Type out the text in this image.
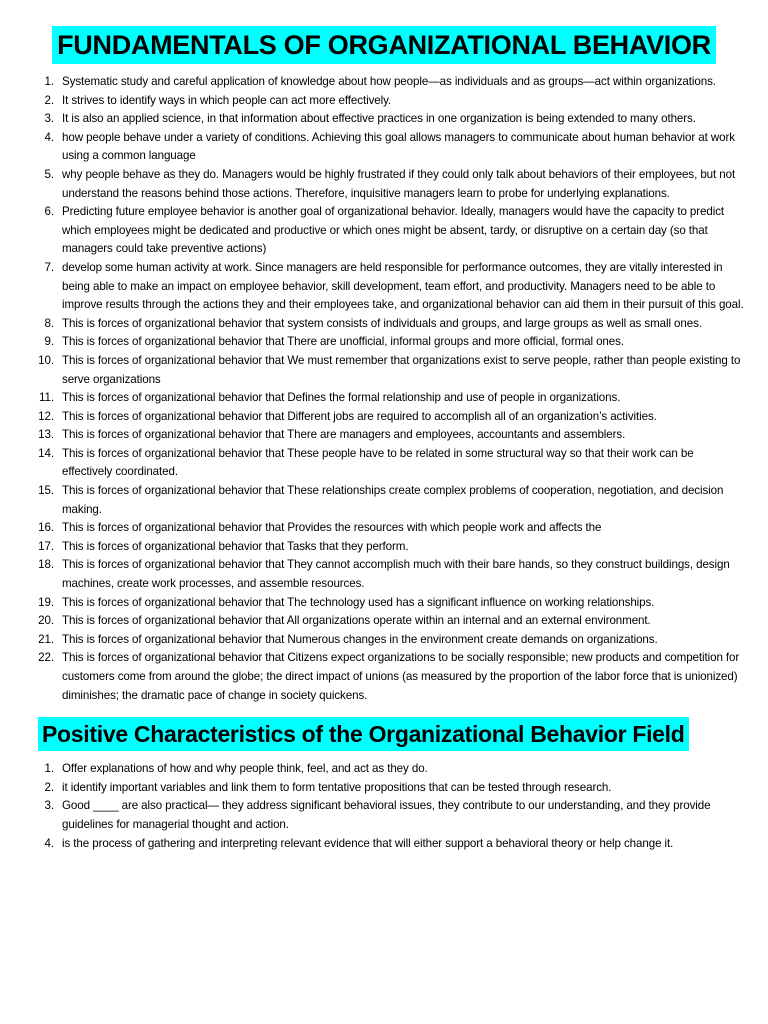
FUNDAMENTALS OF ORGANIZATIONAL BEHAVIOR
1. Systematic study and careful application of knowledge about how people—as individuals and as groups—act within organizations.
2. It strives to identify ways in which people can act more effectively.
3. It is also an applied science, in that information about effective practices in one organization is being extended to many others.
4. how people behave under a variety of conditions. Achieving this goal allows managers to communicate about human behavior at work using a common language
5. why people behave as they do. Managers would be highly frustrated if they could only talk about behaviors of their employees, but not understand the reasons behind those actions. Therefore, inquisitive managers learn to probe for underlying explanations.
6. Predicting future employee behavior is another goal of organizational behavior. Ideally, managers would have the capacity to predict which employees might be dedicated and productive or which ones might be absent, tardy, or disruptive on a certain day (so that managers could take preventive actions)
7. develop some human activity at work. Since managers are held responsible for performance outcomes, they are vitally interested in being able to make an impact on employee behavior, skill development, team effort, and productivity. Managers need to be able to improve results through the actions they and their employees take, and organizational behavior can aid them in their pursuit of this goal.
8. This is forces of organizational behavior that system consists of individuals and groups, and large groups as well as small ones.
9. This is forces of organizational behavior that There are unofficial, informal groups and more official, formal ones.
10. This is forces of organizational behavior that We must remember that organizations exist to serve people, rather than people existing to serve organizations
11. This is forces of organizational behavior that Defines the formal relationship and use of people in organizations.
12. This is forces of organizational behavior that Different jobs are required to accomplish all of an organization’s activities.
13. This is forces of organizational behavior that There are managers and employees, accountants and assemblers.
14. This is forces of organizational behavior that These people have to be related in some structural way so that their work can be effectively coordinated.
15. This is forces of organizational behavior that These relationships create complex problems of cooperation, negotiation, and decision making.
16. This is forces of organizational behavior that Provides the resources with which people work and affects the
17. This is forces of organizational behavior that Tasks that they perform.
18. This is forces of organizational behavior that They cannot accomplish much with their bare hands, so they construct buildings, design machines, create work processes, and assemble resources.
19. This is forces of organizational behavior that The technology used has a significant influence on working relationships.
20. This is forces of organizational behavior that All organizations operate within an internal and an external environment.
21. This is forces of organizational behavior that Numerous changes in the environment create demands on organizations.
22. This is forces of organizational behavior that Citizens expect organizations to be socially responsible; new products and competition for customers come from around the globe; the direct impact of unions (as measured by the proportion of the labor force that is unionized) diminishes; the dramatic pace of change in society quickens.
Positive Characteristics of the Organizational Behavior Field
1. Offer explanations of how and why people think, feel, and act as they do.
2. it identify important variables and link them to form tentative propositions that can be tested through research.
3. Good ____ are also practical— they address significant behavioral issues, they contribute to our understanding, and they provide guidelines for managerial thought and action.
4. is the process of gathering and interpreting relevant evidence that will either support a behavioral theory or help change it.
